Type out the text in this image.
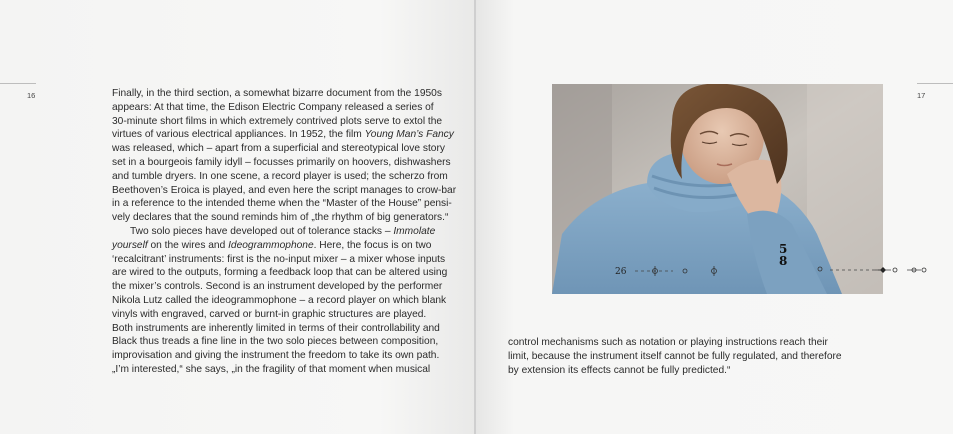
16	Finally, in the third section, a somewhat bizarre document from the 1950s

appears: At that time, the Edison Electric Company released a series of

30-minute short films in which extremely contrived plots serve to extol the

virtues of various electrical appliances. In 1952, the film Young Man’s Fancy

was released, which – apart from a superficial and stereotypical love story

set in a bourgeois family idyll – focusses primarily on hoovers, dishwashers

and tumble dryers. In one scene, a record player is used; the scherzo from

Beethoven’s Eroica is played, and even here the script manages to crow-bar

in a reference to the intended theme when the “Master of the House” pensi-

vely declares that the sound reminds him of „the rhythm of big generators.“

Two solo pieces have developed out of tolerance stacks – Immolate

yourself on the wires and Ideogrammophone. Here, the focus is on two

‘recalcitrant’ instruments: first is the no-input mixer – a mixer whose inputs

are wired to the outputs, forming a feedback loop that can be altered using

the mixer’s controls. Second is an instrument developed by the performer

Nikola Lutz called the ideogrammophone – a record player on which blank

vinyls with engraved, carved or burnt-in graphic structures are played.

Both instruments are inherently limited in terms of their controllability and

Black thus treads a fine line in the two solo pieces between composition,

improvisation and giving the instrument the freedom to take its own path.

„I’m interested,“ she says, „in the fragility of that moment when musical

17

control mechanisms such as notation or playing instructions reach their

limit, because the instrument itself cannot be fully regulated, and therefore

by extension its effects cannot be fully predicted.“

26
5
8
